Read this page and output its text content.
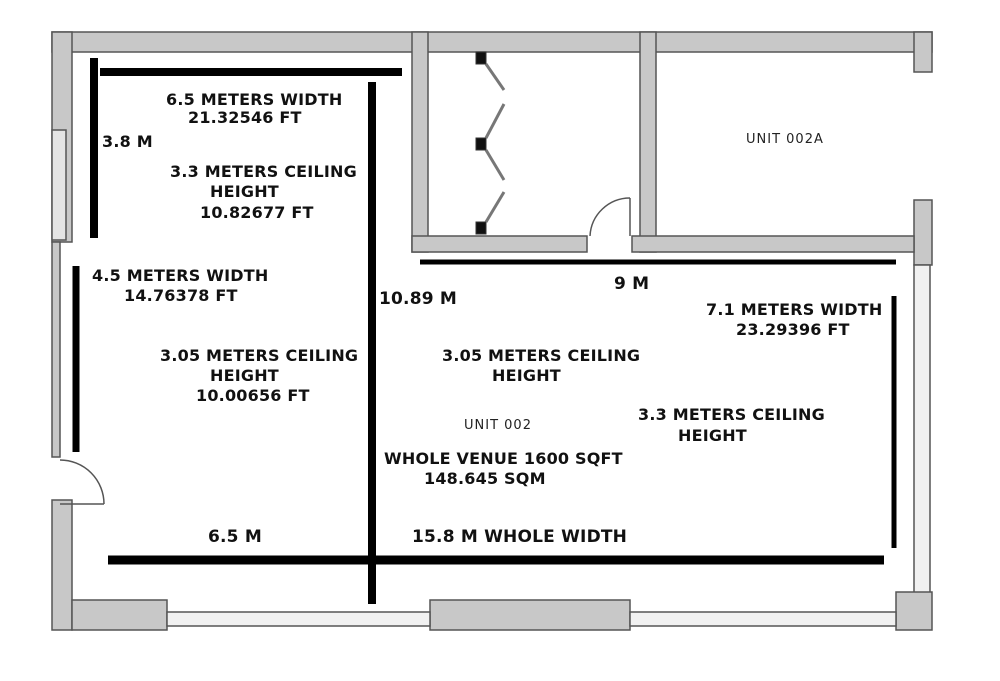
3.8 M
6.5 METERS WIDTH
21.32546 FT
3.3 METERS CEILING
HEIGHT
10.82677 FT
4.5 METERS WIDTH
14.76378 FT
3.05 METERS CEILING
HEIGHT
10.00656 FT
10.89 M
9 M
3.05 METERS CEILING
HEIGHT
7.1 METERS WIDTH
23.29396 FT
3.3 METERS CEILING
HEIGHT
UNIT 002A
UNIT 002
WHOLE VENUE 1600 SQFT
148.645 SQM
6.5 M	15.8 M WHOLE WIDTH
